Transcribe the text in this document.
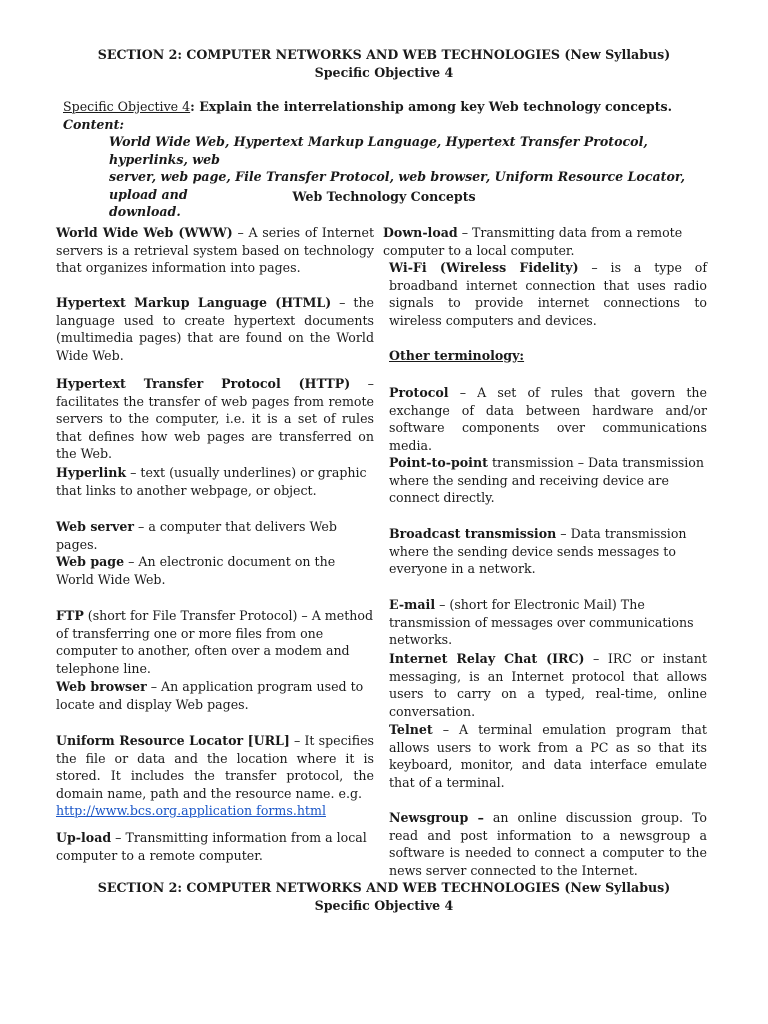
SECTION 2: COMPUTER NETWORKS AND WEB TECHNOLOGIES (New Syllabus)
Specific Objective 4
Specific Objective 4: Explain the interrelationship among key Web technology concepts. Content:
World Wide Web, Hypertext Markup Language, Hypertext Transfer Protocol, hyperlinks, web
server, web page, File Transfer Protocol, web browser, Uniform Resource Locator, upload and
download.
Web Technology Concepts
World Wide Web (WWW) – A series of Internet servers is a retrieval system based on technology that organizes information into pages.
Hypertext Markup Language (HTML) – the language used to create hypertext documents (multimedia pages) that are found on the World Wide Web.
Hypertext Transfer Protocol (HTTP) – facilitates the transfer of web pages from remote servers to the computer, i.e. it is a set of rules that defines how web pages are transferred on the Web.
Hyperlink – text (usually underlines) or graphic that links to another webpage, or object.
Web server – a computer that delivers Web pages.
Web page – An electronic document on the World Wide Web.
FTP (short for File Transfer Protocol) – A method of transferring one or more files from one computer to another, often over a modem and telephone line.
Web browser – An application program used to locate and display Web pages.
Uniform Resource Locator [URL] – It specifies the file or data and the location where it is stored. It includes the transfer protocol, the domain name, path and the resource name. e.g.
http://www.bcs.org.application forms.html
Up-load – Transmitting information from a local computer to a remote computer.
Down-load – Transmitting data from a remote computer to a local computer.
Wi-Fi (Wireless Fidelity) – is a type of broadband internet connection that uses radio signals to provide internet connections to wireless computers and devices.
Other terminology:
Protocol – A set of rules that govern the exchange of data between hardware and/or software components over communications media.
Point-to-point transmission – Data transmission where the sending and receiving device are connect directly.
Broadcast transmission – Data transmission where the sending device sends messages to everyone in a network.
E-mail – (short for Electronic Mail) The transmission of messages over communications networks.
Internet Relay Chat (IRC) – IRC or instant messaging, is an Internet protocol that allows users to carry on a typed, real-time, online conversation.
Telnet – A terminal emulation program that allows users to work from a PC as so that its keyboard, monitor, and data interface emulate that of a terminal.
Newsgroup – an online discussion group. To read and post information to a newsgroup a software is needed to connect a computer to the news server connected to the Internet.
SECTION 2: COMPUTER NETWORKS AND WEB TECHNOLOGIES (New Syllabus)
Specific Objective 4
